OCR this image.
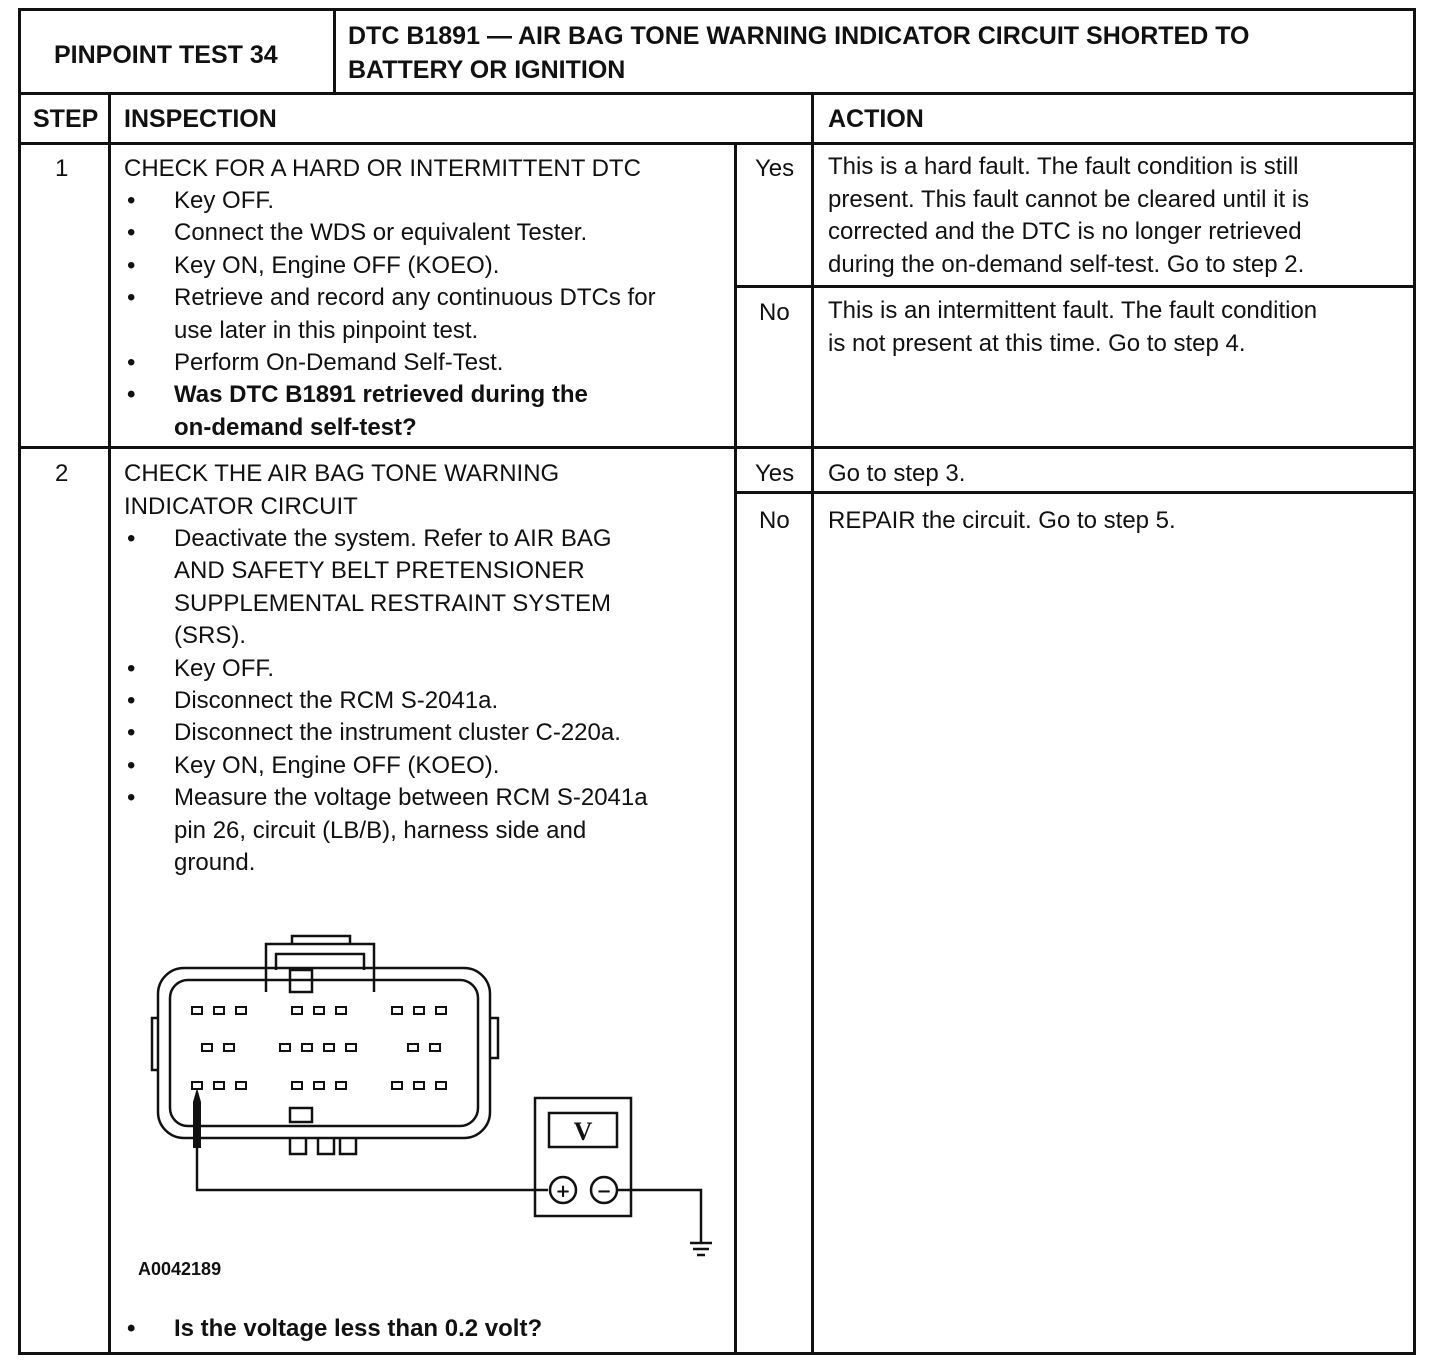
PINPOINT TEST 34
DTC B1891 — AIR BAG TONE WARNING INDICATOR CIRCUIT SHORTED TO
BATTERY OR IGNITION
STEP INSPECTION	ACTION
1 CHECK FOR A HARD OR INTERMITTENT DTC
• Key OFF.
• Connect the WDS or equivalent Tester.
• Key ON, Engine OFF (KOEO).
• Retrieve and record any continuous DTCs for
use later in this pinpoint test.
• Perform On-Demand Self-Test.
• Was DTC B1891 retrieved during the
on-demand self-test?
Yes This is a hard fault. The fault condition is still
present. This fault cannot be cleared until it is
corrected and the DTC is no longer retrieved
during the on-demand self-test. Go to step 2.
No This is an intermittent fault. The fault condition
is not present at this time. Go to step 4.
2 CHECK THE AIR BAG TONE WARNING
INDICATOR CIRCUIT
• Deactivate the system. Refer to AIR BAG
AND SAFETY BELT PRETENSIONER
SUPPLEMENTAL RESTRAINT SYSTEM
(SRS).
• Key OFF.
• Disconnect the RCM S-2041a.
• Disconnect the instrument cluster C-220a.
• Key ON, Engine OFF (KOEO).
• Measure the voltage between RCM S-2041a
pin 26, circuit (LB/B), harness side and
ground.
V
+ −
A0042189
• Is the voltage less than 0.2 volt?
Yes Go to step 3.
No REPAIR the circuit. Go to step 5.
